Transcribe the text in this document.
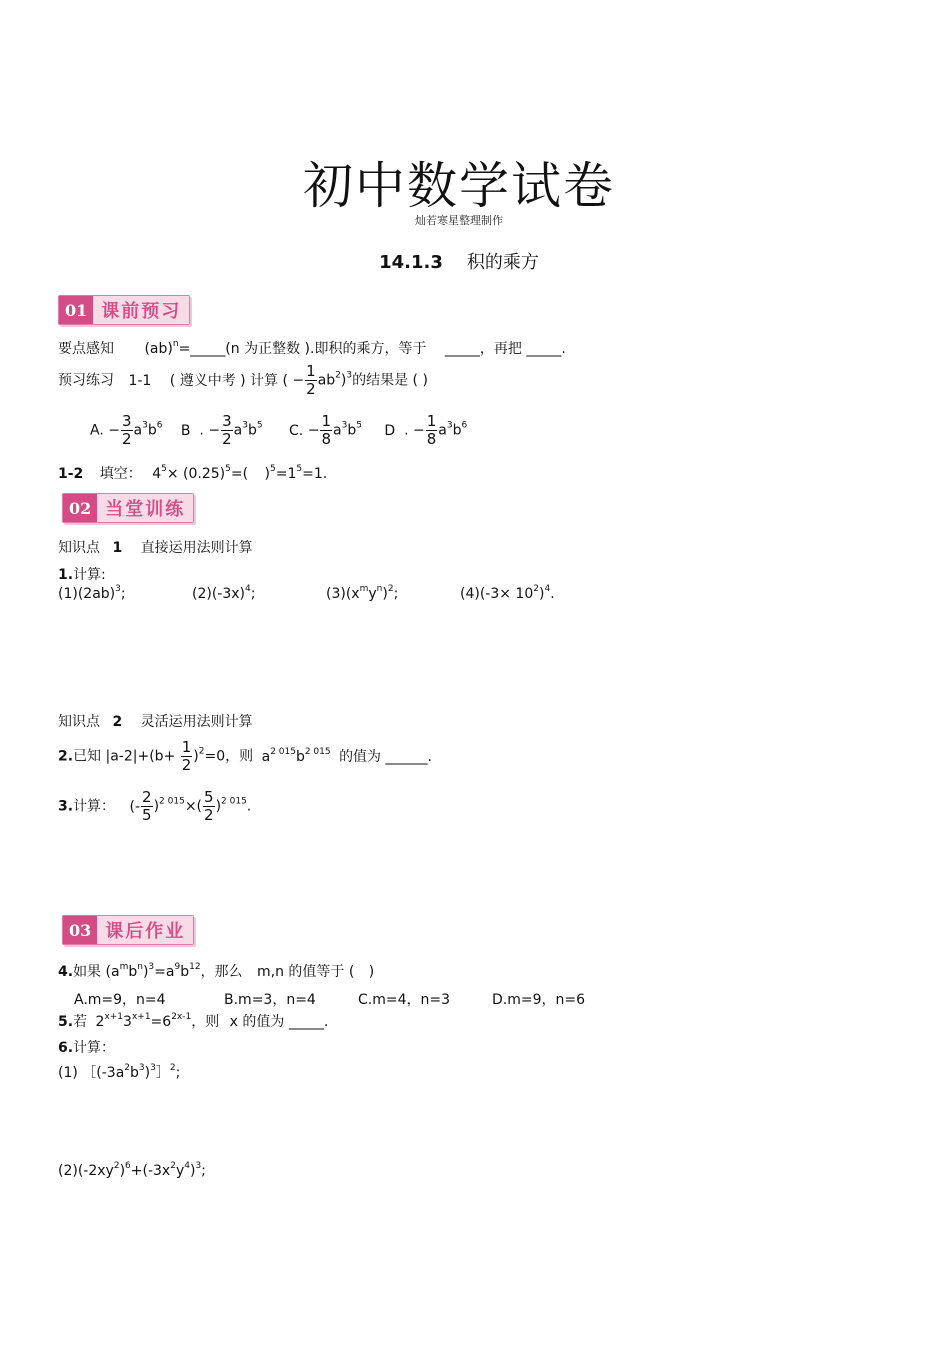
初中数学试卷
灿若寒星整理制作
14.1.3 积的乘方
01 课前预习
要点感知 (ab)$^n$=_____(n 为正整数 ).即积的乘方，等于 _____，再把 _____.
预习练习 1-1 ( 遵义中考 ) 计算 ( − $\frac{1}{2} ab^2)^3$的结果是 ( )
A. − $\frac{3}{2} a^3b^6$ B  . − $\frac{3}{2} a^3b^5$ C. − $\frac{1}{8} a^3b^5$ D  . − $\frac{1}{8} a^3b^6$
1-2 填空： $4^5\times (0.25)^5=$( )$^5=1^5=1$.
02 当堂训练
知识点 1 直接运用法则计算
1.计算:
$(1)(2ab)^3$;	$(2)(-3x)^4$;	$(3)(x^my^n)^2$;	$(4)(-3\times 10^2)^4$.
知识点 2 灵活运用法则计算
2.已知 $|a-2|+(b+ \frac{1}{2} )^2=0$，则 $a^{2 015}b^{2 015}$ 的值为 ______.
3.计算： (- $\frac{2}{5} )^{2 015}\times( \frac{5}{2} )^{2 015}$.
03 课后作业
4.如果 $(a^mb^n)^3=a^9b^{12}$，那么 m,n 的值等于 ( )
A.m=9，n=4	B.m=3，n=4	C.m=4，n=3	D.m=9，n=6
5.若 $2^{x+1}3^{x+1}=6^{2x-1}$，则 x 的值为 _____.
6.计算：
(1) $[(-3a^2b^3)^3]^2$;
$(2)(-2xy^2)^6+(-3x^2y^4)^3$;
